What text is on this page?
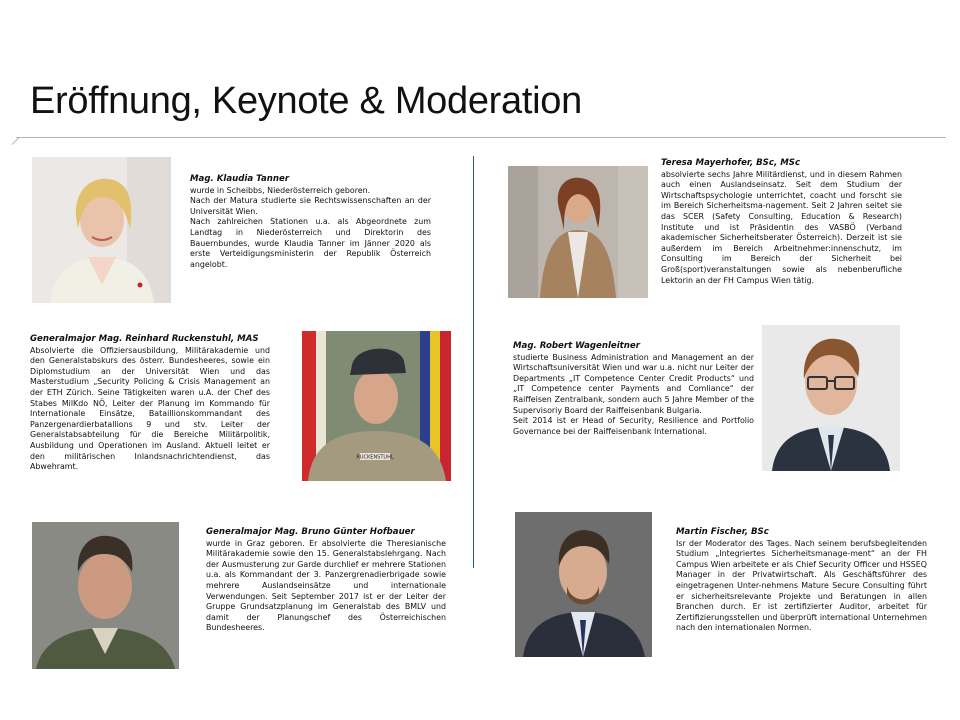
Eröffnung, Keynote & Moderation
Mag. Klaudia Tanner
wurde in Scheibbs, Niederösterreich geboren.
Nach der Matura studierte sie Rechtswissenschaften an der Universität Wien.
Nach zahlreichen Stationen u.a. als Abgeordnete zum Landtag in Niederösterreich und Direktorin des Bauernbundes, wurde Klaudia Tanner im Jänner 2020 als erste Verteidigungsministerin der Republik Österreich angelobt.
Teresa Mayerhofer, BSc, MSc
absolvierte sechs Jahre Militärdienst, und in diesem Rahmen auch einen Auslandseinsatz. Seit dem Studium der Wirtschaftspsychologie unterrichtet, coacht und forscht sie im Bereich Sicherheitsma-nagement. Seit 2 Jahren seitet sie das SCER (Safety Consulting, Education & Research) Institute und ist Präsidentin des VASBÖ (Verband akademischer Sicherheitsberater Österreich). Derzeit ist sie außerdem im Bereich Arbeitnehmer:innenschutz, im Consulting im Bereich der Sicherheit bei Groß(sport)veranstaltungen sowie als nebenberufliche Lektorin an der FH Campus Wien tätig.
Generalmajor Mag. Reinhard Ruckenstuhl, MAS
Absolvierte die Offiziersausbildung, Militärakademie und den Generalstabskurs des österr. Bundesheeres, sowie ein Diplomstudium an der Universität Wien und das Masterstudium „Security Policing & Crisis Management an der ETH Zürich. Seine Tätigkeiten waren u.A. der Chef des Stabes MilKdo NÖ, Leiter der Planung im Kommando für Internationale Einsätze, Bataillionskommandant des Panzergenardierbatallions 9 und stv. Leiter der Generalstabsabteilung für die Bereiche Militärpolitik, Ausbildung und Operationen im Ausland. Aktuell leitet er den militärischen Inlandsnachrichtendienst, das Abwehramt.
RUCKENSTUHL
Mag. Robert Wagenleitner
studierte Business Administration and Management an der Wirtschaftsuniversität Wien und war u.a. nicht nur Leiter der Departments „IT Competence Center Credit Products“ und „IT Competence center Payments and Comliance“ der Raiffeisen Zentralbank, sondern auch 5 Jahre Member of the Supervisoriy Board der Raiffeisenbank Bulgaria.
Seit 2014 ist er Head of Security, Resilience and Portfolio Governance bei der Raiffeisenbank International.
Generalmajor Mag. Bruno Günter Hofbauer
wurde in Graz geboren. Er absolvierte die Theresianische Militärakademie sowie den 15. Generalstabslehrgang. Nach der Ausmusterung zur Garde durchlief er mehrere Stationen u.a. als Kommandant der 3. Panzergrenadierbrigade sowie mehrere Auslandseinsätze und internationale Verwendungen. Seit September 2017 ist er der Leiter der Gruppe Grundsatzplanung im Generalstab des BMLV und damit der Planungschef des Österreichischen Bundesheeres.
Martin Fischer, BSc
Isr der Moderator des Tages. Nach seinem berufsbegleitenden Studium „Integriertes Sicherheitsmanage-ment“ an der FH Campus Wien arbeitete er als Chief Security Officer und HSSEQ Manager in der Privatwirtschaft. Als Geschäftsführer des eingetragenen Unter-nehmens Mature Secure Consulting führt er sicherheitsrelevante Projekte und Beratungen in allen Branchen durch. Er ist zertifizierter Auditor, arbeitet für Zertifizierungsstellen und überprüft international Unternehmen nach den internationalen Normen.
